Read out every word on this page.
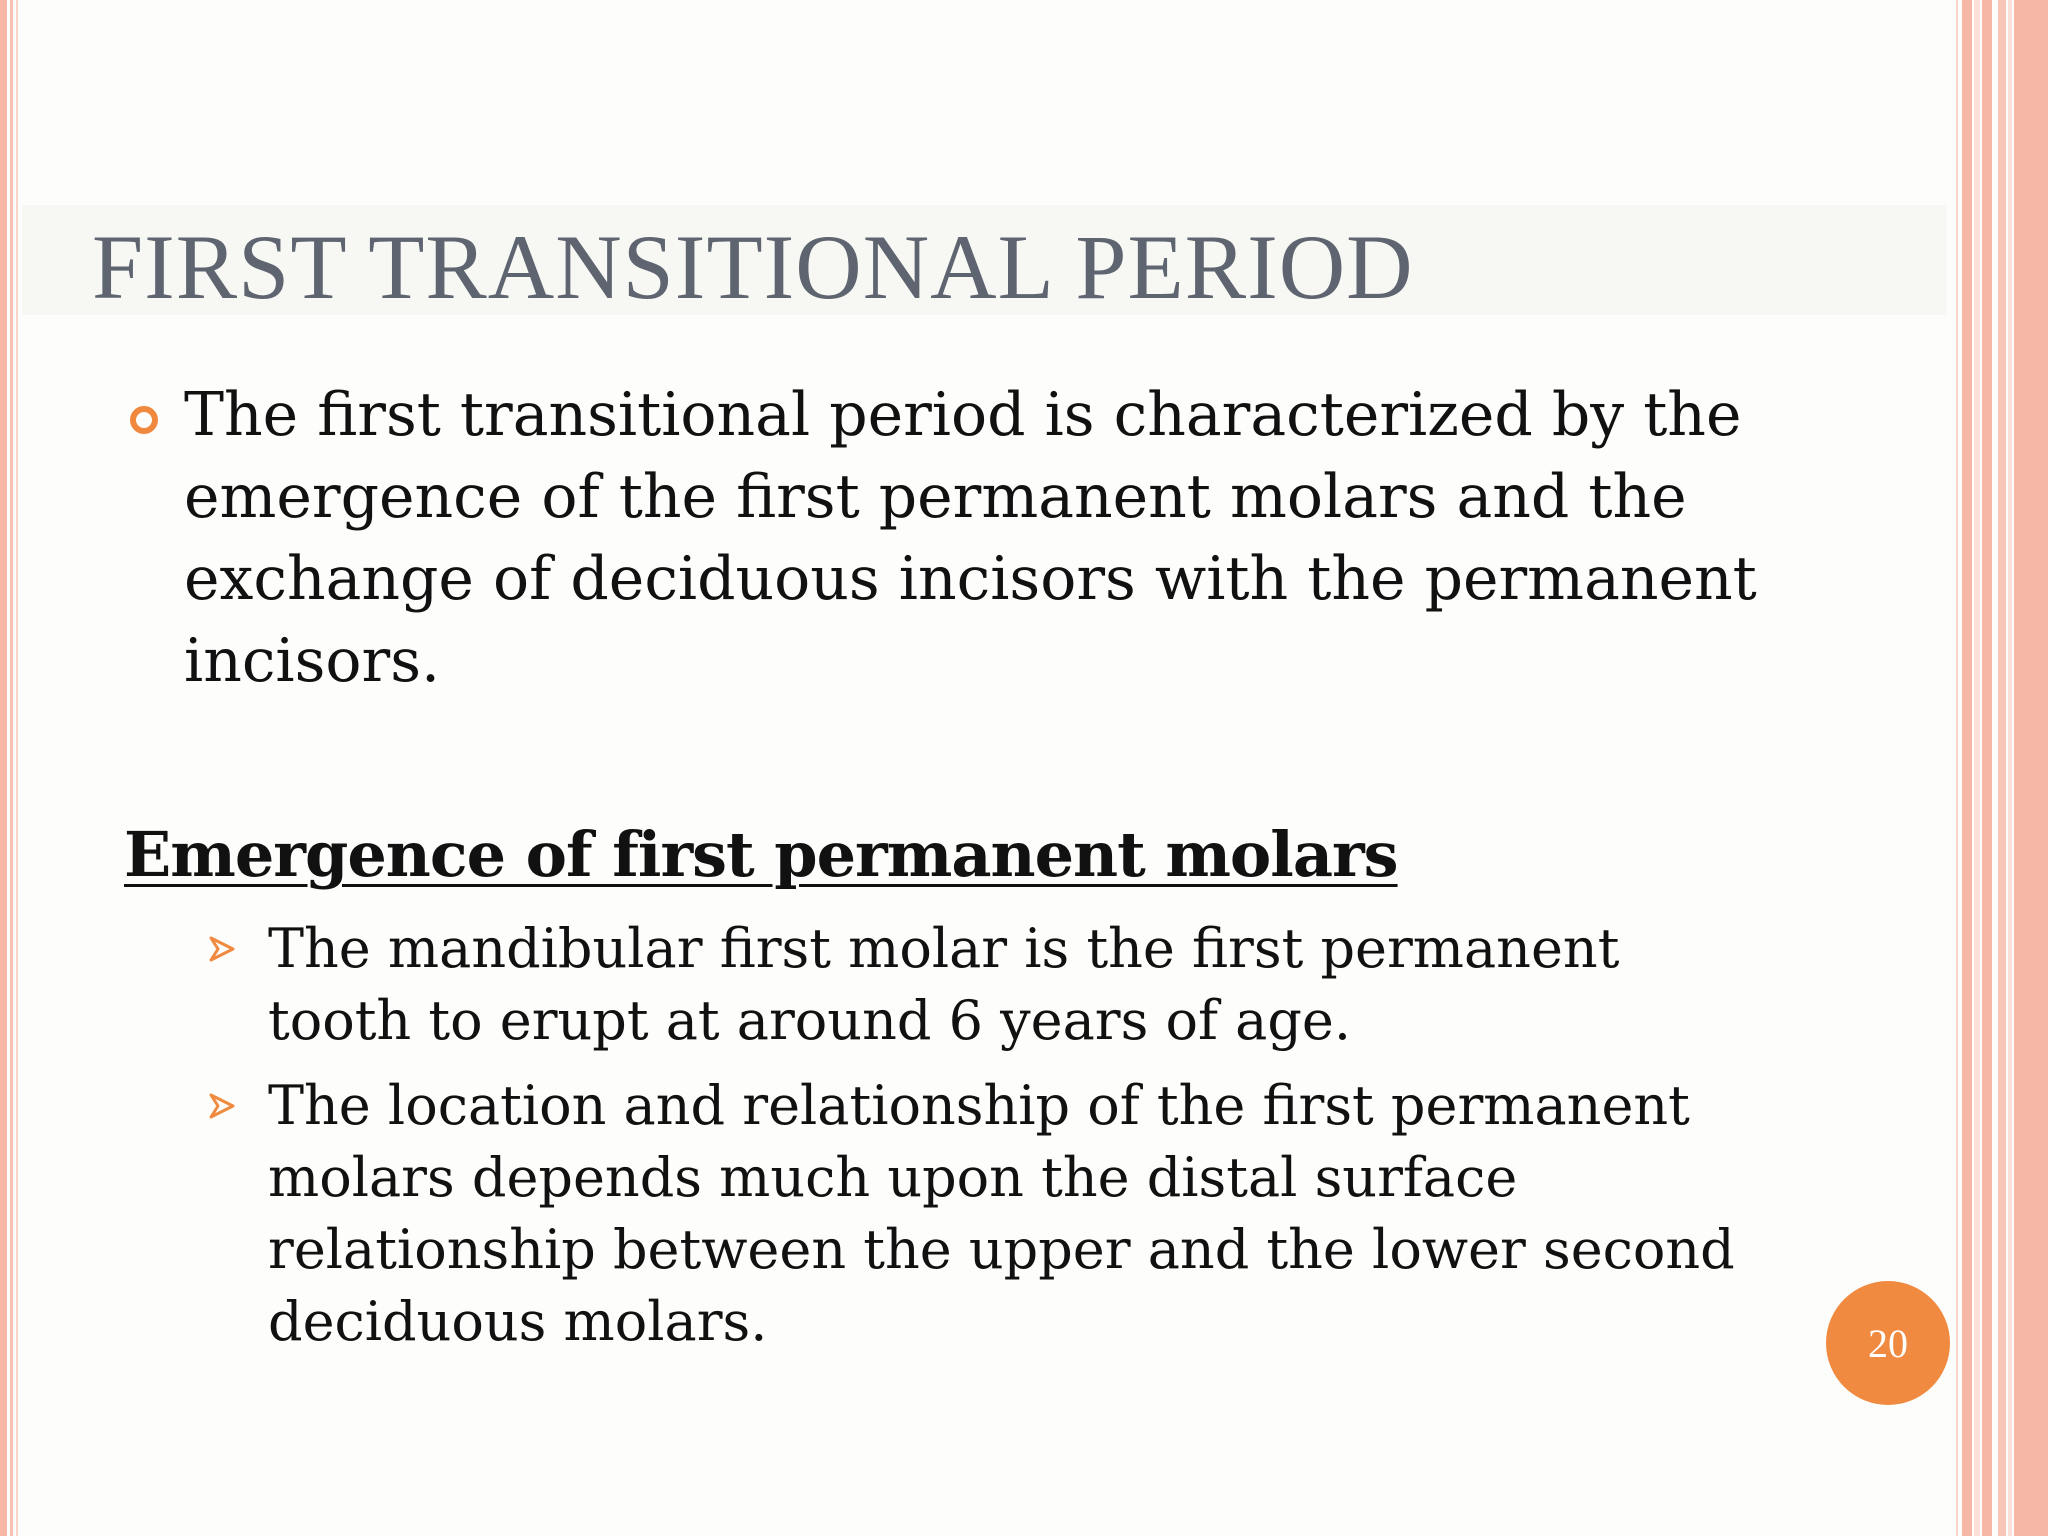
FIRST TRANSITIONAL PERIOD

The first transitional period is characterized by the emergence of the first permanent molars and the exchange of deciduous incisors with the permanent incisors.

Emergence of first permanent molars

The mandibular first molar is the first permanent tooth to erupt at around 6 years of age.

The location and relationship of the first permanent molars depends much upon the distal surface relationship between the upper and the lower second deciduous molars.	20
